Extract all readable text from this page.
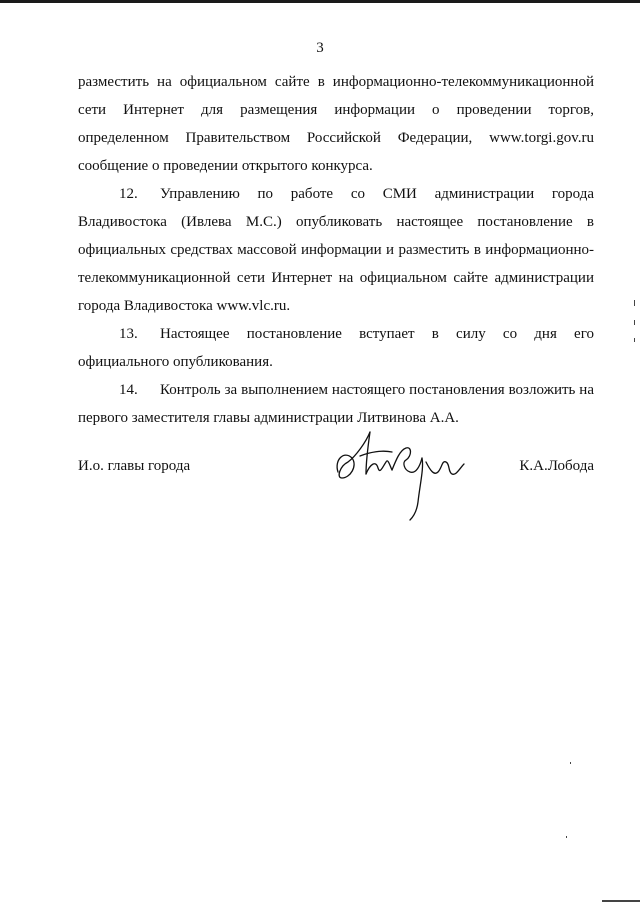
3

разместить на официальном сайте в информационно-телекоммуникационной сети Интернет для размещения информации о проведении торгов, определенном Правительством Российской Федерации, www.torgi.gov.ru сообщение о проведении открытого конкурса.

12. Управлению по работе со СМИ администрации города Владивостока (Ивлева М.С.) опубликовать настоящее постановление в официальных средствах массовой информации и разместить в информационно-телекоммуникационной сети Интернет на официальном сайте администрации города Владивостока www.vlc.ru.

13. Настоящее постановление вступает в силу со дня его официального опубликования.

14. Контроль за выполнением настоящего постановления возложить на первого заместителя главы администрации Литвинова А.А.

И.о. главы города	К.А.Лобода
